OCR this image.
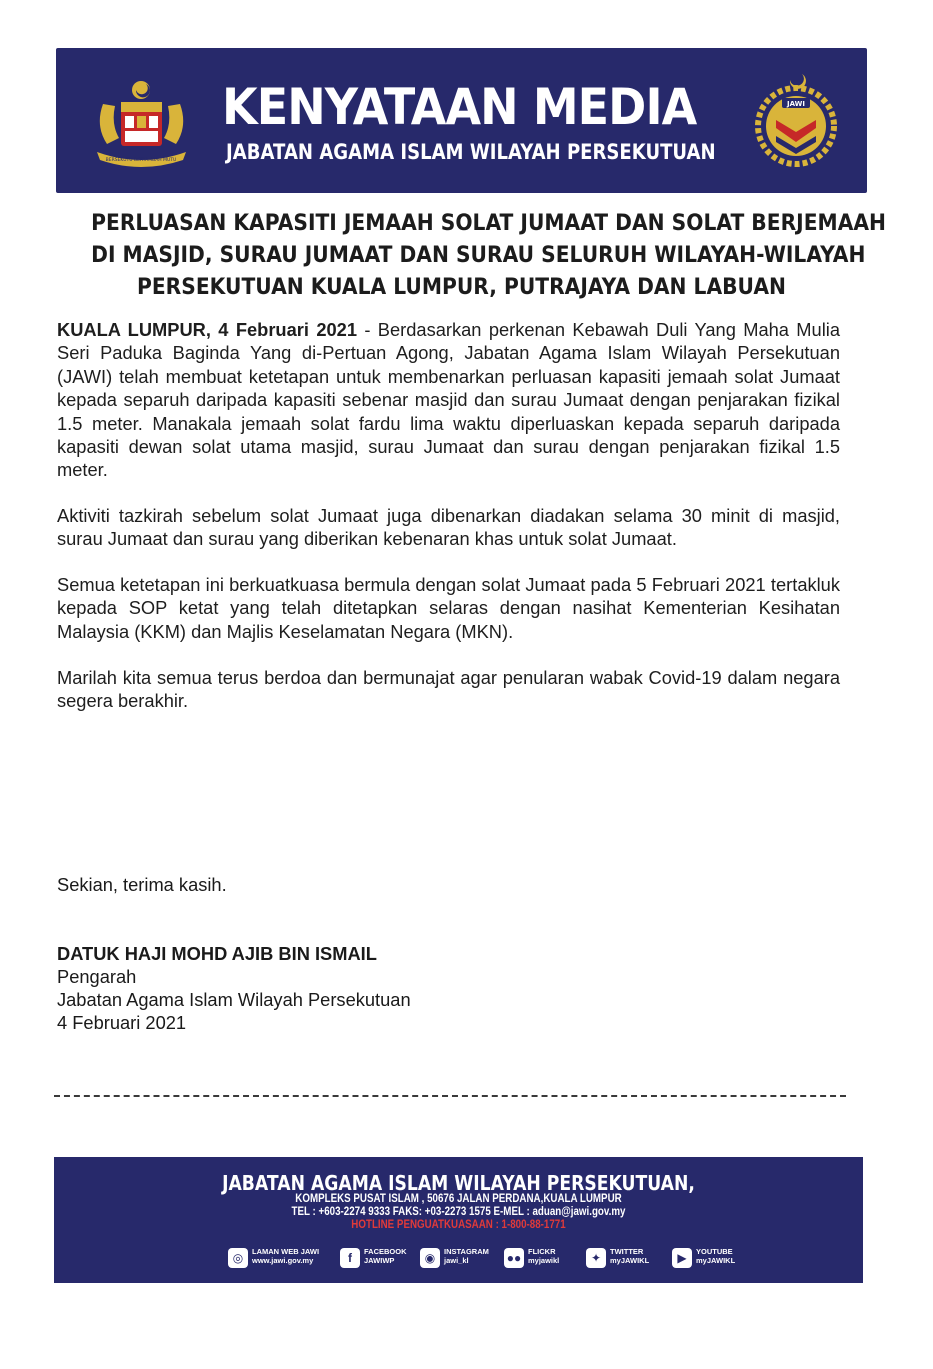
BERSEKUTU BERTAMBAH MUTU
KENYATAAN MEDIA
JABATAN AGAMA ISLAM WILAYAH PERSEKUTUAN
JAWI
PERLUASAN KAPASITI JEMAAH SOLAT JUMAAT DAN SOLAT BERJEMAAH
DI MASJID, SURAU JUMAAT DAN SURAU SELURUH WILAYAH-WILAYAH
PERSEKUTUAN KUALA LUMPUR, PUTRAJAYA DAN LABUAN
KUALA LUMPUR, 4 Februari 2021 - Berdasarkan perkenan Kebawah Duli Yang Maha Mulia Seri Paduka Baginda Yang di-Pertuan Agong, Jabatan Agama Islam Wilayah Persekutuan (JAWI) telah membuat ketetapan untuk membenarkan perluasan kapasiti jemaah solat Jumaat kepada separuh daripada kapasiti sebenar masjid dan surau Jumaat dengan penjarakan fizikal 1.5 meter. Manakala jemaah solat fardu lima waktu diperluaskan kepada separuh daripada kapasiti dewan solat utama masjid, surau Jumaat dan surau dengan penjarakan fizikal 1.5 meter.
Aktiviti tazkirah sebelum solat Jumaat juga dibenarkan diadakan selama 30 minit di masjid, surau Jumaat dan surau yang diberikan kebenaran khas untuk solat Jumaat.
Semua ketetapan ini berkuatkuasa bermula dengan solat Jumaat pada 5 Februari 2021 tertakluk kepada SOP ketat yang telah ditetapkan selaras dengan nasihat Kementerian Kesihatan Malaysia (KKM) dan Majlis Keselamatan Negara (MKN).
Marilah kita semua terus berdoa dan bermunajat agar penularan wabak Covid-19 dalam negara segera berakhir.
Sekian, terima kasih.
DATUK HAJI MOHD AJIB BIN ISMAIL
Pengarah
Jabatan Agama Islam Wilayah Persekutuan
4 Februari 2021
JABATAN AGAMA ISLAM WILAYAH PERSEKUTUAN,
KOMPLEKS PUSAT ISLAM , 50676 JALAN PERDANA,KUALA LUMPUR
TEL : +603-2274 9333 FAKS: +03-2273 1575 E-MEL : aduan@jawi.gov.my
HOTLINE PENGUATKUASAAN : 1-800-88-1771
◎	LAMAN WEB JAWI
www.jawi.gov.my	f	FACEBOOK
JAWIWP	◉	INSTAGRAM
jawi_kl	●● FLICKR
myjawikl	✦	TWITTER
myJAWIKL	▶	YOUTUBE
myJAWIKL
